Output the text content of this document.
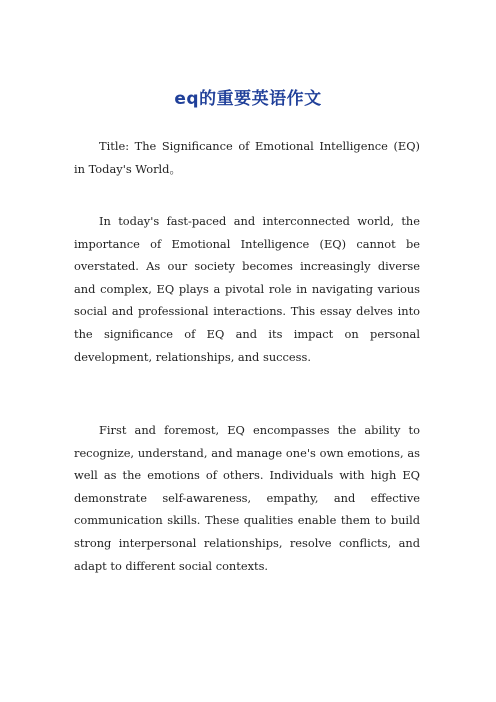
eq的重要英语作文

Title: The Significance of Emotional Intelligence (EQ) in Today's World。

In today's fast-paced and interconnected world, the importance of Emotional Intelligence (EQ) cannot be overstated. As our society becomes increasingly diverse and complex, EQ plays a pivotal role in navigating various social and professional interactions. This essay delves into the significance of EQ and its impact on personal development, relationships, and success.

First and foremost, EQ encompasses the ability to recognize, understand, and manage one's own emotions, as well as the emotions of others. Individuals with high EQ demonstrate self-awareness, empathy, and effective communication skills. These qualities enable them to build strong interpersonal relationships, resolve conflicts, and adapt to different social contexts.
